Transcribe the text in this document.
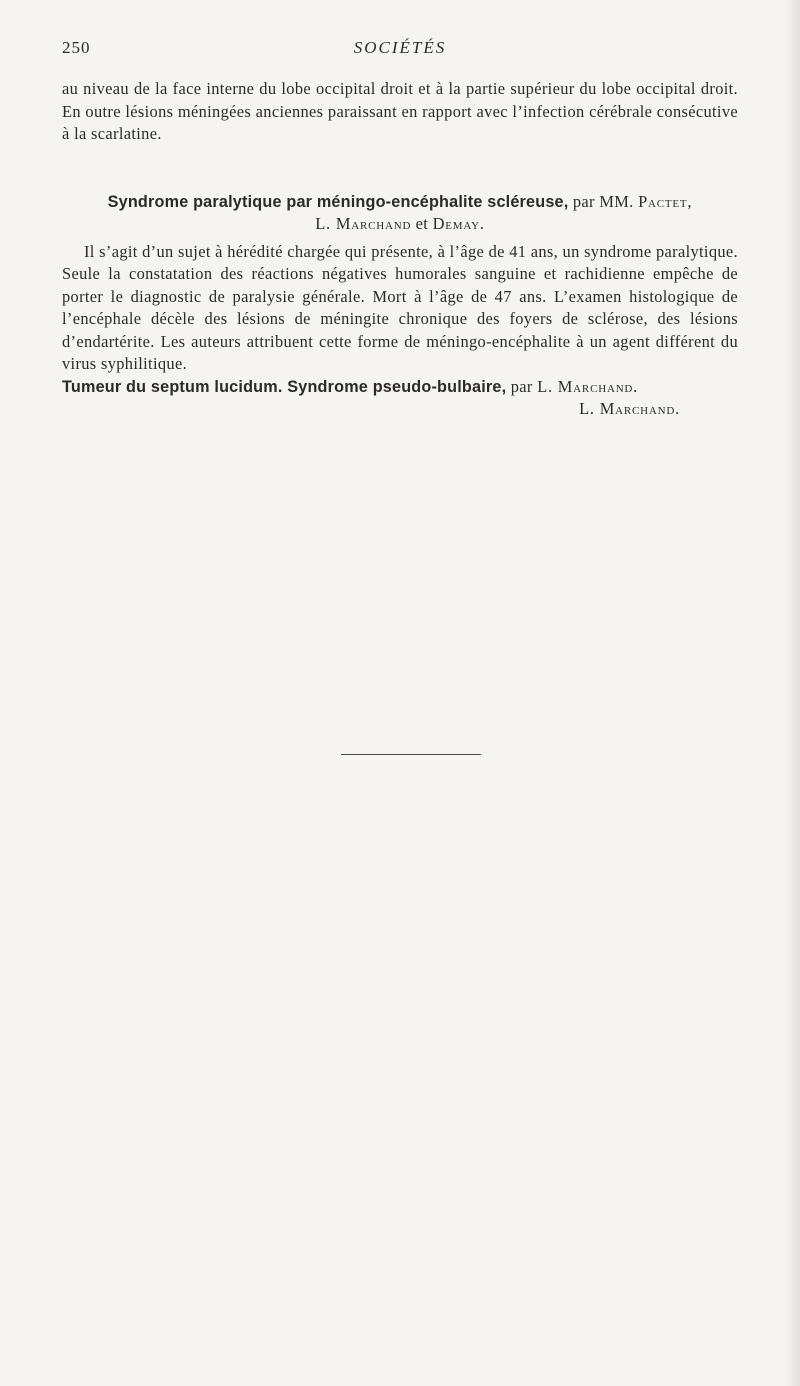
250	SOCIÉTÉS

au niveau de la face interne du lobe occipital droit et à la partie supérieur du lobe occipital droit. En outre lésions méningées anciennes paraissant en rapport avec l’infection cérébrale consécutive à la scarlatine.

Syndrome paralytique par méningo-encéphalite scléreuse, par MM. Pactet,
L. Marchand et Demay.

Il s’agit d’un sujet à hérédité chargée qui présente, à l’âge de 41 ans, un syndrome paralytique. Seule la constatation des réactions négatives humorales sanguine et rachidienne empêche de porter le diagnostic de paralysie générale. Mort à l’âge de 47 ans. L’examen histologique de l’encéphale décèle des lésions de méningite chronique des foyers de sclérose, des lésions d’endartérite. Les auteurs attribuent cette forme de méningo-encéphalite à un agent différent du virus syphilitique.

Tumeur du septum lucidum. Syndrome pseudo-bulbaire, par L. Marchand.

L. Marchand.
